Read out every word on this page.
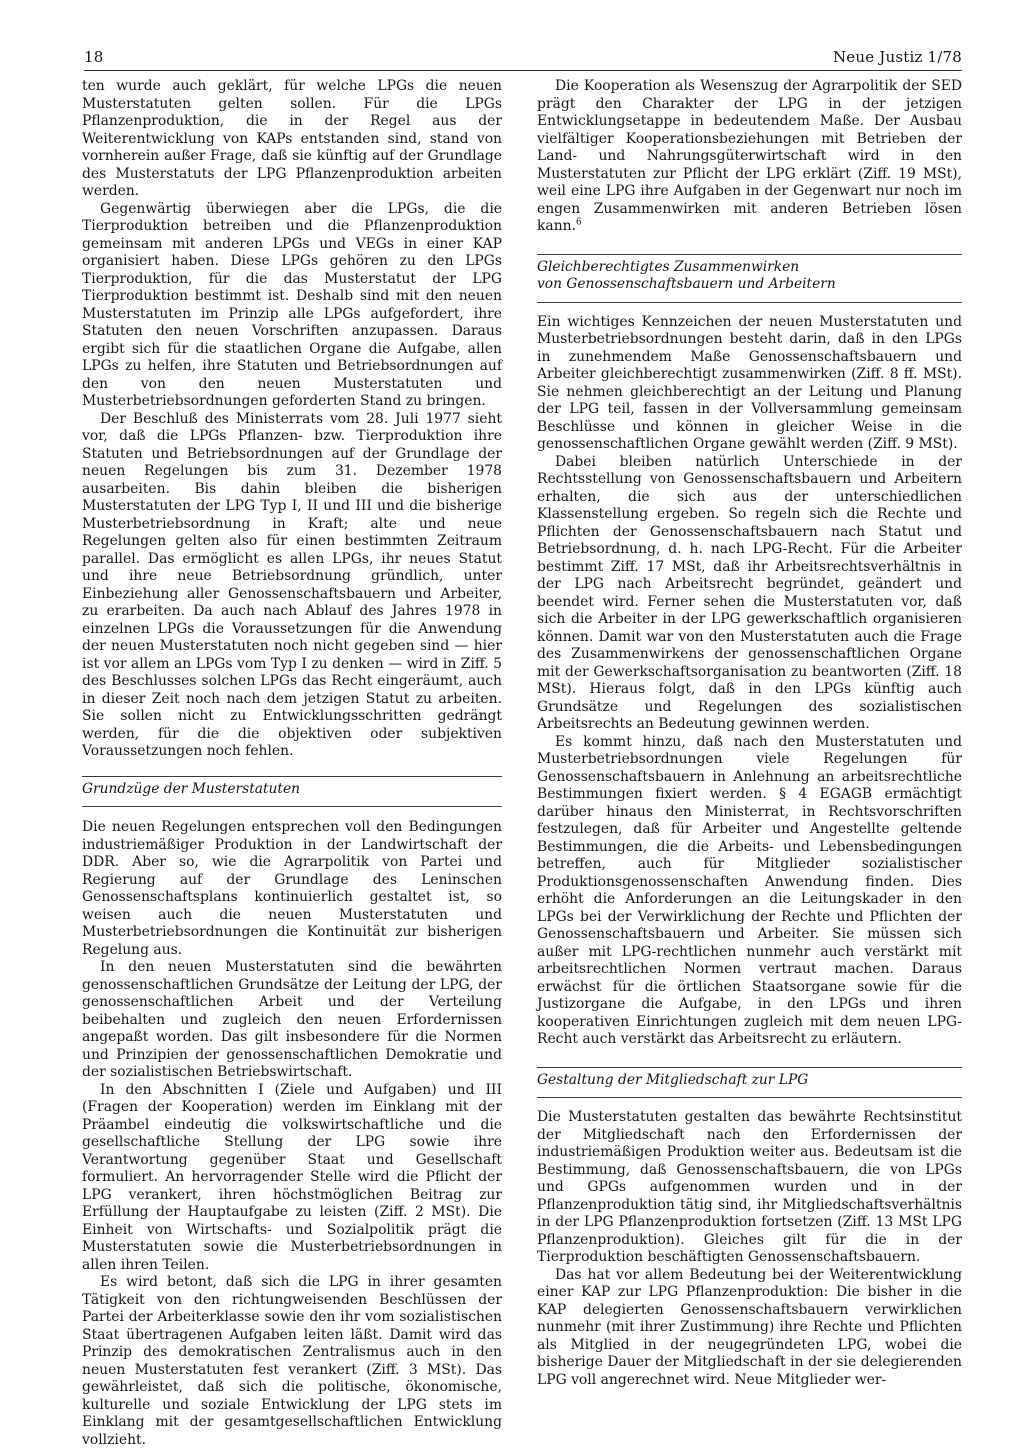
18	Neue Justiz 1/78

ten wurde auch geklärt, für welche LPGs die neuen Musterstatuten gelten sollen. Für die LPGs Pflanzenproduktion, die in der Regel aus der Weiterentwicklung von KAPs entstanden sind, stand von vornherein außer Frage, daß sie künftig auf der Grundlage des Musterstatuts der LPG Pflanzenproduktion arbeiten werden.

Gegenwärtig überwiegen aber die LPGs, die die Tierproduktion betreiben und die Pflanzenproduktion gemeinsam mit anderen LPGs und VEGs in einer KAP organisiert haben. Diese LPGs gehören zu den LPGs Tierproduktion, für die das Musterstatut der LPG Tierproduktion bestimmt ist. Deshalb sind mit den neuen Musterstatuten im Prinzip alle LPGs aufgefordert, ihre Statuten den neuen Vorschriften anzupassen. Daraus ergibt sich für die staatlichen Organe die Aufgabe, allen LPGs zu helfen, ihre Statuten und Betriebsordnungen auf den von den neuen Musterstatuten und Musterbetriebsordnungen geforderten Stand zu bringen.

Der Beschluß des Ministerrats vom 28. Juli 1977 sieht vor, daß die LPGs Pflanzen- bzw. Tierproduktion ihre Statuten und Betriebsordnungen auf der Grundlage der neuen Regelungen bis zum 31. Dezember 1978 ausarbeiten. Bis dahin bleiben die bisherigen Musterstatuten der LPG Typ I, II und III und die bisherige Musterbetriebsordnung in Kraft; alte und neue Regelungen gelten also für einen bestimmten Zeitraum parallel. Das ermöglicht es allen LPGs, ihr neues Statut und ihre neue Betriebsordnung gründlich, unter Einbeziehung aller Genossenschaftsbauern und Arbeiter, zu erarbeiten. Da auch nach Ablauf des Jahres 1978 in einzelnen LPGs die Voraussetzungen für die Anwendung der neuen Musterstatuten noch nicht gegeben sind — hier ist vor allem an LPGs vom Typ I zu denken — wird in Ziff. 5 des Beschlusses solchen LPGs das Recht eingeräumt, auch in dieser Zeit noch nach dem jetzigen Statut zu arbeiten. Sie sollen nicht zu Entwicklungsschritten gedrängt werden, für die die objektiven oder subjektiven Voraussetzungen noch fehlen.

Grundzüge der Musterstatuten

Die neuen Regelungen entsprechen voll den Bedingungen industriemäßiger Produktion in der Landwirtschaft der DDR. Aber so, wie die Agrarpolitik von Partei und Regierung auf der Grundlage des Leninschen Genossenschaftsplans kontinuierlich gestaltet ist, so weisen auch die neuen Musterstatuten und Musterbetriebsordnungen die Kontinuität zur bisherigen Regelung aus.

In den neuen Musterstatuten sind die bewährten genossenschaftlichen Grundsätze der Leitung der LPG, der genossenschaftlichen Arbeit und der Verteilung beibehalten und zugleich den neuen Erfordernissen angepaßt worden. Das gilt insbesondere für die Normen und Prinzipien der genossenschaftlichen Demokratie und der sozialistischen Betriebswirtschaft.

In den Abschnitten I (Ziele und Aufgaben) und III (Fragen der Kooperation) werden im Einklang mit der Präambel eindeutig die volkswirtschaftliche und die gesellschaftliche Stellung der LPG sowie ihre Verantwortung gegenüber Staat und Gesellschaft formuliert. An hervorragender Stelle wird die Pflicht der LPG verankert, ihren höchstmöglichen Beitrag zur Erfüllung der Hauptaufgabe zu leisten (Ziff. 2 MSt). Die Einheit von Wirtschafts- und Sozialpolitik prägt die Musterstatuten sowie die Musterbetriebsordnungen in allen ihren Teilen.

Es wird betont, daß sich die LPG in ihrer gesamten Tätigkeit von den richtungweisenden Beschlüssen der Partei der Arbeiterklasse sowie den ihr vom sozialistischen Staat übertragenen Aufgaben leiten läßt. Damit wird das Prinzip des demokratischen Zentralismus auch in den neuen Musterstatuten fest verankert (Ziff. 3 MSt). Das gewährleistet, daß sich die politische, ökonomische, kulturelle und soziale Entwicklung der LPG stets im Einklang mit der gesamtgesellschaftlichen Entwicklung vollzieht.

Die Kooperation als Wesenszug der Agrarpolitik der SED prägt den Charakter der LPG in der jetzigen Entwicklungsetappe in bedeutendem Maße. Der Ausbau vielfältiger Kooperationsbeziehungen mit Betrieben der Land- und Nahrungsgüterwirtschaft wird in den Musterstatuten zur Pflicht der LPG erklärt (Ziff. 19 MSt), weil eine LPG ihre Aufgaben in der Gegenwart nur noch im engen Zusammenwirken mit anderen Betrieben lösen kann.$^6$

Gleichberechtigtes Zusammenwirken
von Genossenschaftsbauern und Arbeitern

Ein wichtiges Kennzeichen der neuen Musterstatuten und Musterbetriebsordnungen besteht darin, daß in den LPGs in zunehmendem Maße Genossenschaftsbauern und Arbeiter gleichberechtigt zusammenwirken (Ziff. 8 ff. MSt). Sie nehmen gleichberechtigt an der Leitung und Planung der LPG teil, fassen in der Vollversammlung gemeinsam Beschlüsse und können in gleicher Weise in die genossenschaftlichen Organe gewählt werden (Ziff. 9 MSt).

Dabei bleiben natürlich Unterschiede in der Rechtsstellung von Genossenschaftsbauern und Arbeitern erhalten, die sich aus der unterschiedlichen Klassenstellung ergeben. So regeln sich die Rechte und Pflichten der Genossenschaftsbauern nach Statut und Betriebsordnung, d. h. nach LPG-Recht. Für die Arbeiter bestimmt Ziff. 17 MSt, daß ihr Arbeitsrechtsverhältnis in der LPG nach Arbeitsrecht begründet, geändert und beendet wird. Ferner sehen die Musterstatuten vor, daß sich die Arbeiter in der LPG gewerkschaftlich organisieren können. Damit war von den Musterstatuten auch die Frage des Zusammenwirkens der genossenschaftlichen Organe mit der Gewerkschaftsorganisation zu beantworten (Ziff. 18 MSt). Hieraus folgt, daß in den LPGs künftig auch Grundsätze und Regelungen des sozialistischen Arbeitsrechts an Bedeutung gewinnen werden.

Es kommt hinzu, daß nach den Musterstatuten und Musterbetriebsordnungen viele Regelungen für Genossenschaftsbauern in Anlehnung an arbeitsrechtliche Bestimmungen fixiert werden. § 4 EGAGB ermächtigt darüber hinaus den Ministerrat, in Rechtsvorschriften festzulegen, daß für Arbeiter und Angestellte geltende Bestimmungen, die die Arbeits- und Lebensbedingungen betreffen, auch für Mitglieder sozialistischer Produktionsgenossenschaften Anwendung finden. Dies erhöht die Anforderungen an die Leitungskader in den LPGs bei der Verwirklichung der Rechte und Pflichten der Genossenschaftsbauern und Arbeiter. Sie müssen sich außer mit LPG-rechtlichen nunmehr auch verstärkt mit arbeitsrechtlichen Normen vertraut machen. Daraus erwächst für die örtlichen Staatsorgane sowie für die Justizorgane die Aufgabe, in den LPGs und ihren kooperativen Einrichtungen zugleich mit dem neuen LPG-Recht auch verstärkt das Arbeitsrecht zu erläutern.

Gestaltung der Mitgliedschaft zur LPG

Die Musterstatuten gestalten das bewährte Rechtsinstitut der Mitgliedschaft nach den Erfordernissen der industriemäßigen Produktion weiter aus. Bedeutsam ist die Bestimmung, daß Genossenschaftsbauern, die von LPGs und GPGs aufgenommen wurden und in der Pflanzenproduktion tätig sind, ihr Mitgliedschaftsverhältnis in der LPG Pflanzenproduktion fortsetzen (Ziff. 13 MSt LPG Pflanzenproduktion). Gleiches gilt für die in der Tierproduktion beschäftigten Genossenschaftsbauern.

Das hat vor allem Bedeutung bei der Weiterentwicklung einer KAP zur LPG Pflanzenproduktion: Die bisher in die KAP delegierten Genossenschaftsbauern verwirklichen nunmehr (mit ihrer Zustimmung) ihre Rechte und Pflichten als Mitglied in der neugegründeten LPG, wobei die bisherige Dauer der Mitgliedschaft in der sie delegierenden LPG voll angerechnet wird. Neue Mitglieder wer-
